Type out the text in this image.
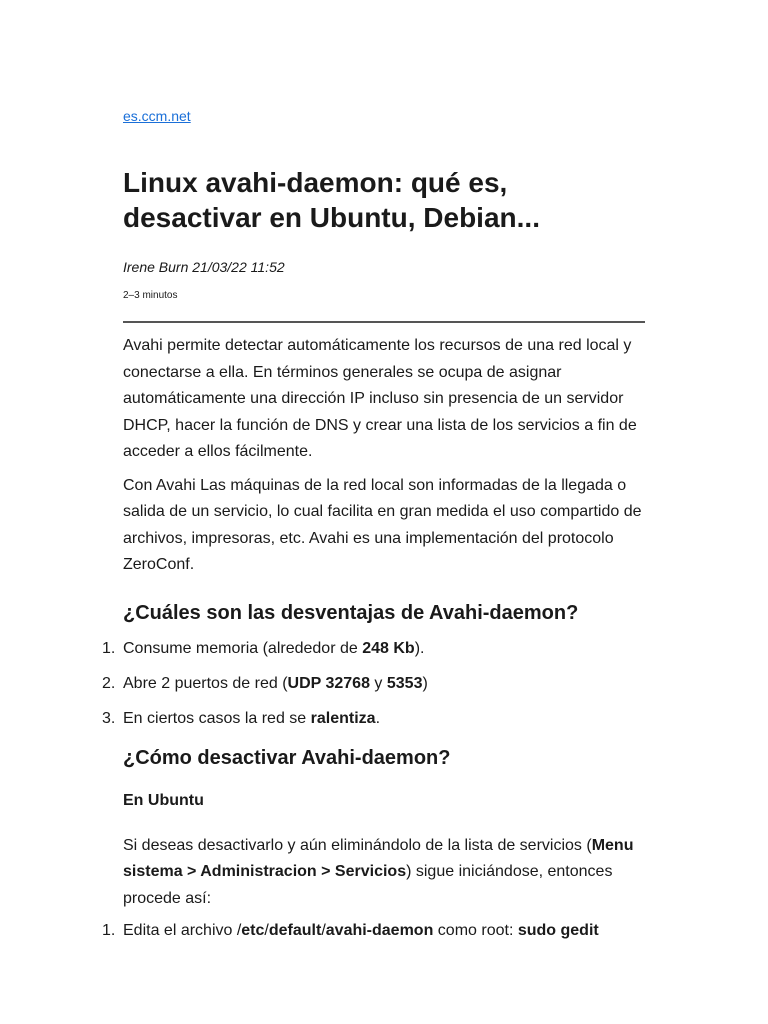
es.ccm.net
Linux avahi-daemon: qué es, desactivar en Ubuntu, Debian...
Irene Burn 21/03/22 11:52
2–3 minutos

Avahi permite detectar automáticamente los recursos de una red local y conectarse a ella. En términos generales se ocupa de asignar automáticamente una dirección IP incluso sin presencia de un servidor DHCP, hacer la función de DNS y crear una lista de los servicios a fin de acceder a ellos fácilmente.

Con Avahi Las máquinas de la red local son informadas de la llegada o salida de un servicio, lo cual facilita en gran medida el uso compartido de archivos, impresoras, etc. Avahi es una implementación del protocolo ZeroConf.

¿Cuáles son las desventajas de Avahi-daemon?
1. Consume memoria (alrededor de 248 Kb).
2. Abre 2 puertos de red (UDP 32768 y 5353)
3. En ciertos casos la red se ralentiza.
¿Cómo desactivar Avahi-daemon?
En Ubuntu

Si deseas desactivarlo y aún eliminándolo de la lista de servicios (Menu sistema > Administracion > Servicios) sigue iniciándose, entonces procede así:

1. Edita el archivo /etc/default/avahi-daemon como root: sudo gedit
